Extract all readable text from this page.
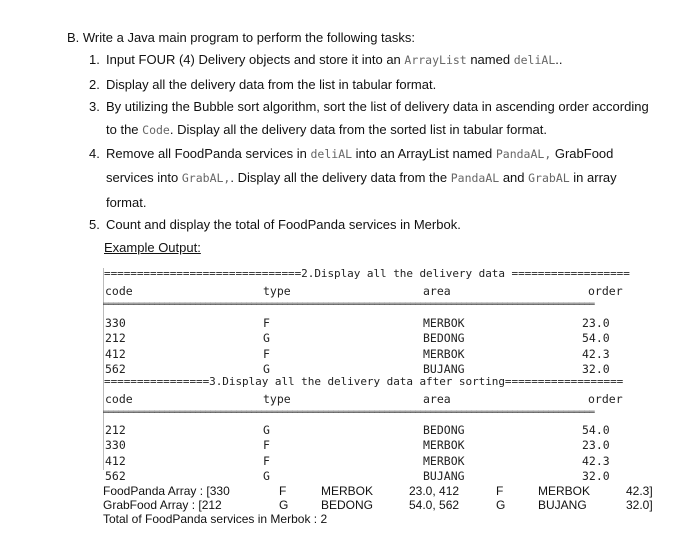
B. Write a Java main program to perform the following tasks:
1. Input FOUR (4) Delivery objects and store it into an ArrayList named deliAL..
2. Display all the delivery data from the list in tabular format.
3. By utilizing the Bubble sort algorithm, sort the list of delivery data in ascending order according
to the Code. Display all the delivery data from the sorted list in tabular format.
4. Remove all FoodPanda services in deliAL into an ArrayList named PandaAL, GrabFood
services into GrabAL,. Display all the delivery data from the PandaAL and GrabAL in array
format.
5. Count and display the total of FoodPanda services in Merbok.
Example Output:
==============================2.Display all the delivery data ==================
code	type	area	order
════════════════════════════════════════════════════════════════════════════════════════════════
330	F	MERBOK	23.0
212	G	BEDONG	54.0
412	F	MERBOK	42.3
562	G	BUJANG	32.0
================3.Display all the delivery data after sorting==================
code	type	area	order
════════════════════════════════════════════════════════════════════════════════════════════════
212	G	BEDONG	54.0
330	F	MERBOK	23.0
412	F	MERBOK	42.3
562	G	BUJANG	32.0
FoodPanda Array : [330	F	MERBOK	23.0, 412	F	MERBOK	42.3]
GrabFood Array : [212	G	BEDONG	54.0, 562	G	BUJANG	32.0]
Total of FoodPanda services in Merbok : 2
